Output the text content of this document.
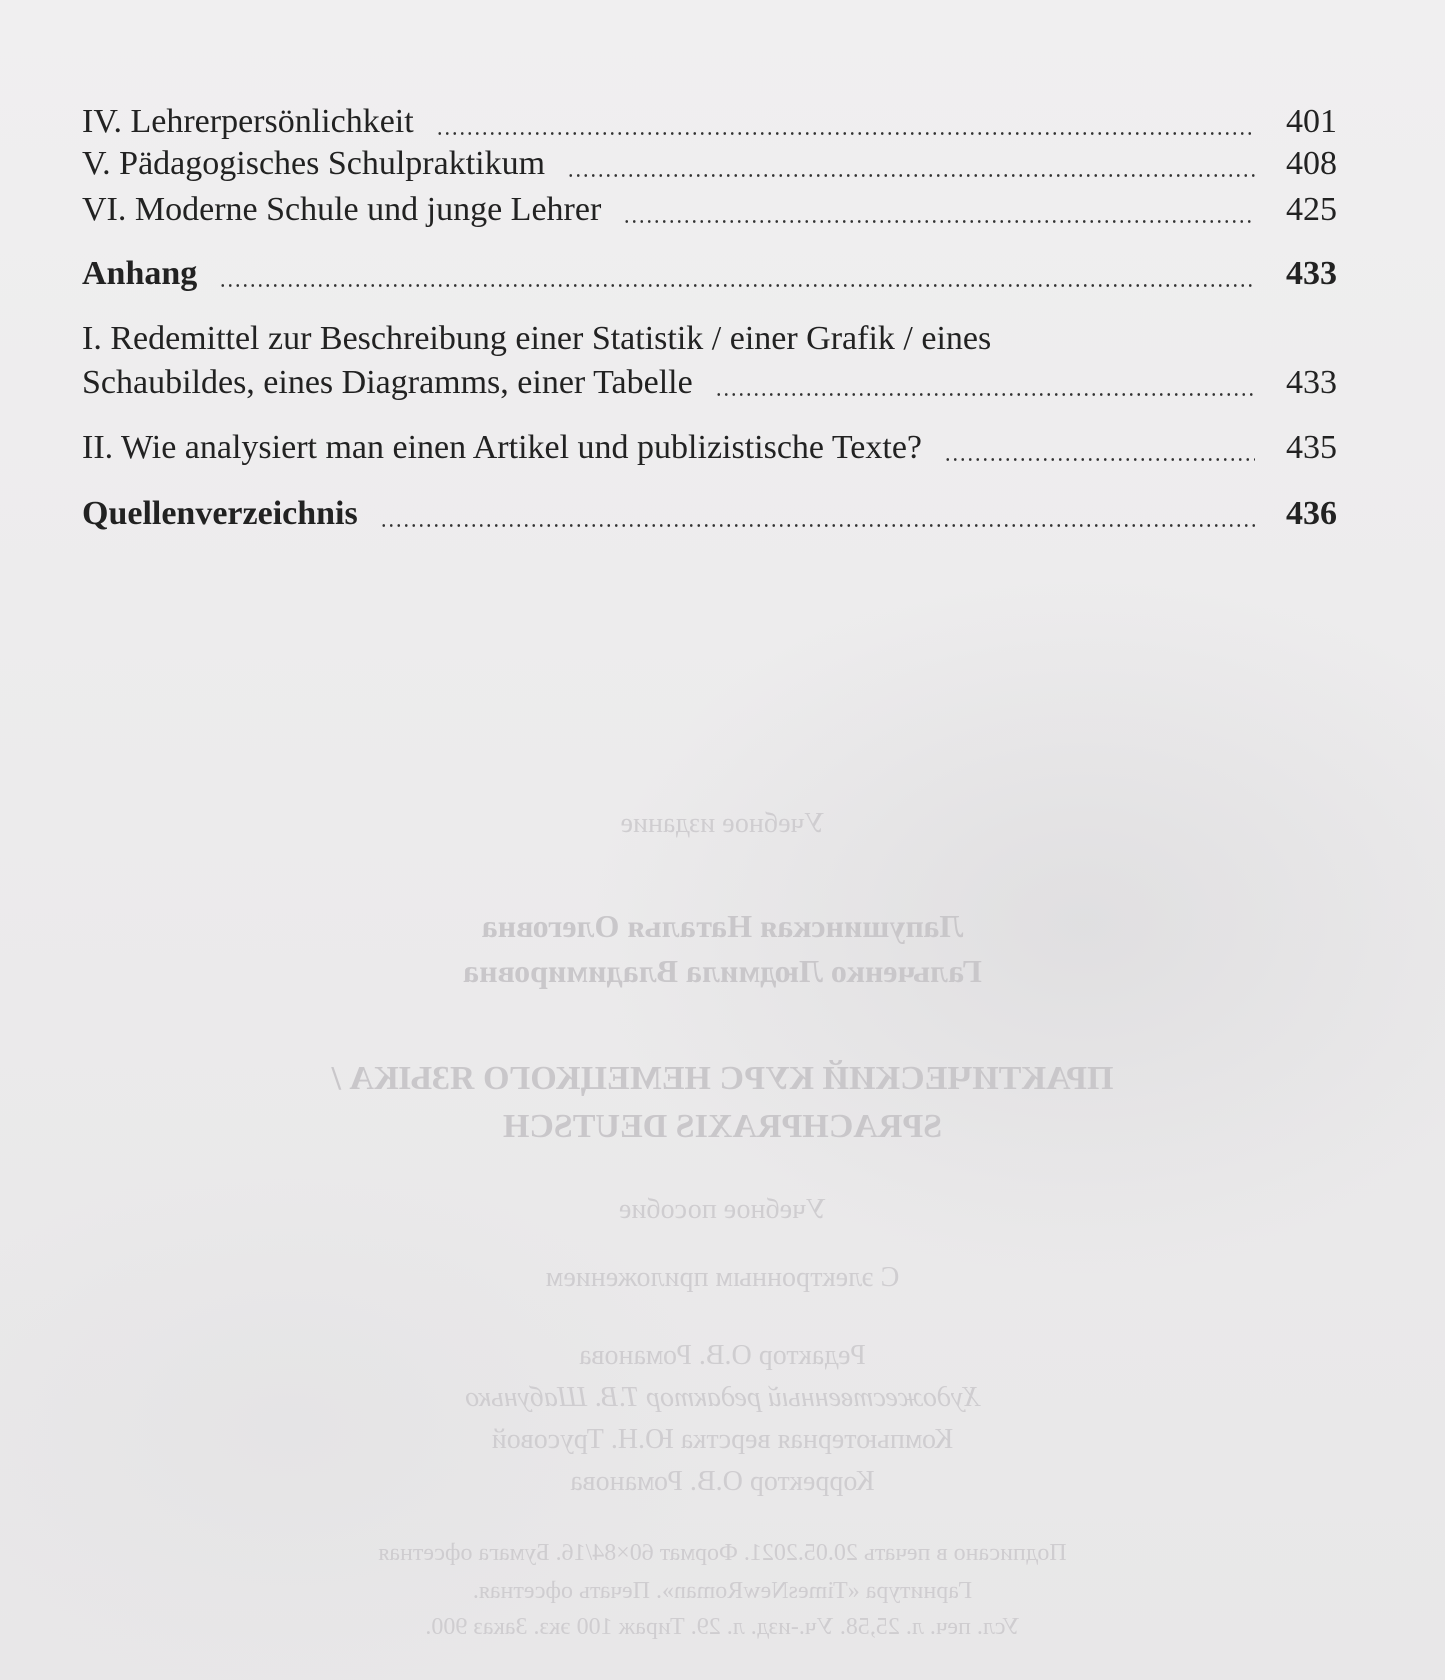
IV. Lehrerpersönlichkeit	401
V. Pädagogisches Schulpraktikum	408
VI. Moderne Schule und junge Lehrer	425
Anhang	433
I. Redemittel zur Beschreibung einer Statistik / einer Grafik / eines
Schaubildes, eines Diagramms, einer Tabelle	433
II. Wie analysiert man einen Artikel und publizistische Texte?	435
Quellenverzeichnis	436
Учебное издание
Лапушинская Наталья Олеговна
Гальченко Людмила Владимировна
ПРАКТИЧЕСКИЙ КУРС НЕМЕЦКОГО ЯЗЫКА /
SPRACHPRAXIS DEUTSCH
Учебное пособие
С электронным приложением
Редактор О.В. Романова
Художественный редактор Т.В. Шабунько
Компьютерная верстка Ю.Н. Трусовой
Корректор О.В. Романова
Подписано в печать 20.05.2021. Формат 60×84/16. Бумага офсетная
Гарнитура «TimesNewRoman». Печать офсетная.
Усл. печ. л. 25,58. Уч.-изд. л. 29. Тираж 100 экз. Заказ 900.
